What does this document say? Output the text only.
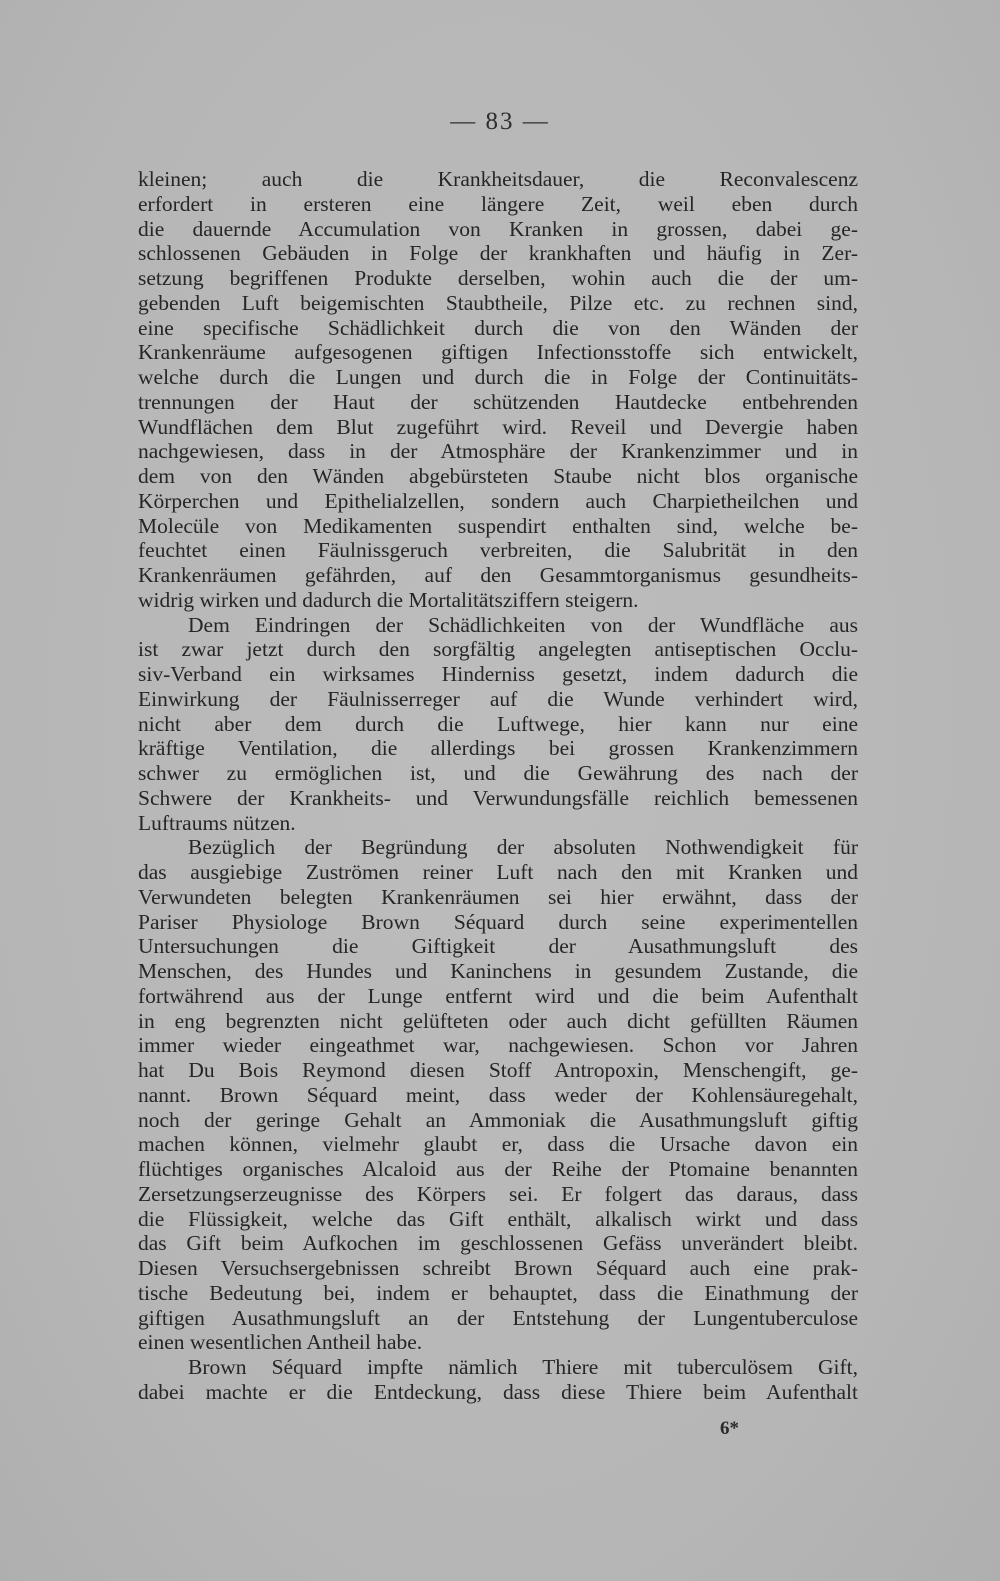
— 83 —
kleinen; auch die Krankheitsdauer, die Reconvalescenz
erfordert in ersteren eine längere Zeit, weil eben durch
die dauernde Accumulation von Kranken in grossen, dabei ge-
schlossenen Gebäuden in Folge der krankhaften und häufig in Zer-
setzung begriffenen Produkte derselben, wohin auch die der um-
gebenden Luft beigemischten Staubtheile, Pilze etc. zu rechnen sind,
eine specifische Schädlichkeit durch die von den Wänden der
Krankenräume aufgesogenen giftigen Infectionsstoffe sich entwickelt,
welche durch die Lungen und durch die in Folge der Continuitäts-
trennungen der Haut der schützenden Hautdecke entbehrenden
Wundflächen dem Blut zugeführt wird. Reveil und Devergie haben
nachgewiesen, dass in der Atmosphäre der Krankenzimmer und in
dem von den Wänden abgebürsteten Staube nicht blos organische
Körperchen und Epithelialzellen, sondern auch Charpietheilchen und
Molecüle von Medikamenten suspendirt enthalten sind, welche be-
feuchtet einen Fäulnissgeruch verbreiten, die Salubrität in den
Krankenräumen gefährden, auf den Gesammtorganismus gesundheits-
widrig wirken und dadurch die Mortalitätsziffern steigern.
Dem Eindringen der Schädlichkeiten von der Wundfläche aus
ist zwar jetzt durch den sorgfältig angelegten antiseptischen Occlu-
siv-Verband ein wirksames Hinderniss gesetzt, indem dadurch die
Einwirkung der Fäulnisserreger auf die Wunde verhindert wird,
nicht aber dem durch die Luftwege, hier kann nur eine
kräftige Ventilation, die allerdings bei grossen Krankenzimmern
schwer zu ermöglichen ist, und die Gewährung des nach der
Schwere der Krankheits- und Verwundungsfälle reichlich bemessenen
Luftraums nützen.
Bezüglich der Begründung der absoluten Nothwendigkeit für
das ausgiebige Zuströmen reiner Luft nach den mit Kranken und
Verwundeten belegten Krankenräumen sei hier erwähnt, dass der
Pariser Physiologe Brown Séquard durch seine experimentellen
Untersuchungen die Giftigkeit der Ausathmungsluft des
Menschen, des Hundes und Kaninchens in gesundem Zustande, die
fortwährend aus der Lunge entfernt wird und die beim Aufenthalt
in eng begrenzten nicht gelüfteten oder auch dicht gefüllten Räumen
immer wieder eingeathmet war, nachgewiesen. Schon vor Jahren
hat Du Bois Reymond diesen Stoff Antropoxin, Menschengift, ge-
nannt. Brown Séquard meint, dass weder der Kohlensäuregehalt,
noch der geringe Gehalt an Ammoniak die Ausathmungsluft giftig
machen können, vielmehr glaubt er, dass die Ursache davon ein
flüchtiges organisches Alcaloid aus der Reihe der Ptomaine benannten
Zersetzungserzeugnisse des Körpers sei. Er folgert das daraus, dass
die Flüssigkeit, welche das Gift enthält, alkalisch wirkt und dass
das Gift beim Aufkochen im geschlossenen Gefäss unverändert bleibt.
Diesen Versuchsergebnissen schreibt Brown Séquard auch eine prak-
tische Bedeutung bei, indem er behauptet, dass die Einathmung der
giftigen Ausathmungsluft an der Entstehung der Lungentuberculose
einen wesentlichen Antheil habe.
Brown Séquard impfte nämlich Thiere mit tuberculösem Gift,
dabei machte er die Entdeckung, dass diese Thiere beim Aufenthalt
6*
